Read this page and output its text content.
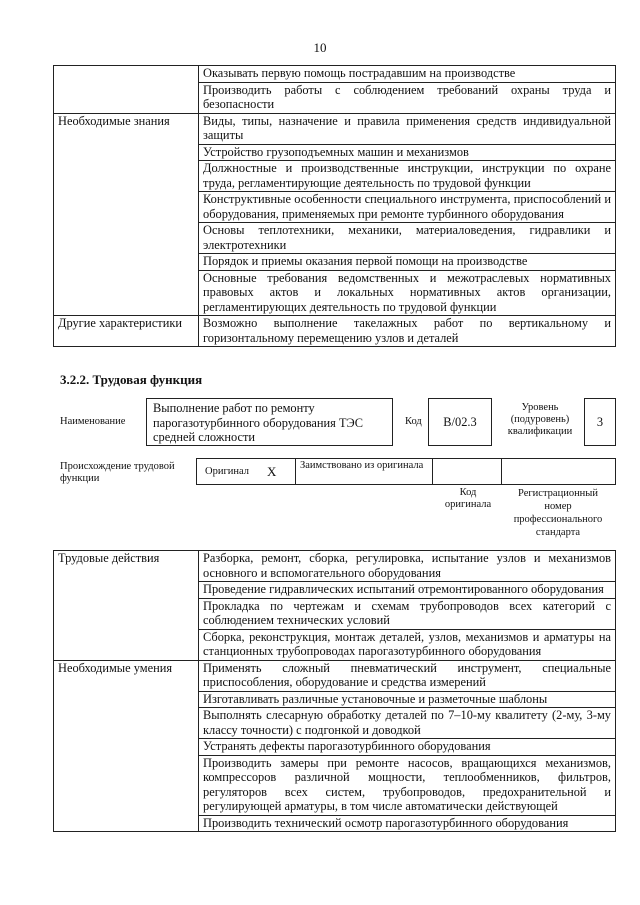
10
	Оказывать первую помощь пострадавшим на производстве
	Производить работы с соблюдением требований охраны труда и безопасности
Необходимые знания	Виды, типы, назначение и правила применения средств индивидуальной защиты
	Устройство грузоподъемных машин и механизмов
	Должностные и производственные инструкции, инструкции по охране труда, регламентирующие деятельность по трудовой функции
	Конструктивные особенности специального инструмента, приспособлений и оборудования, применяемых при ремонте турбинного оборудования
	Основы теплотехники, механики, материаловедения, гидравлики и электротехники
	Порядок и приемы оказания первой помощи на производстве
	Основные требования ведомственных и межотраслевых нормативных правовых актов и локальных нормативных актов организации, регламентирующих деятельность по трудовой функции
Другие характеристики	Возможно выполнение такелажных работ по вертикальному и горизонтальному перемещению узлов и деталей
3.2.2. Трудовая функция
Наименование
Выполнение работ по ремонту парогазотурбинного оборудования ТЭС средней сложности
Код	B/02.3
Уровень (подуровень) квалификации
3
Происхождение трудовой функции
Оригинал X Заимствовано из оригинала
Код оригинала
Регистрационный номер профессионального стандарта
Трудовые действия	Разборка, ремонт, сборка, регулировка, испытание узлов и механизмов основного и вспомогательного оборудования
	Проведение гидравлических испытаний отремонтированного оборудования
	Прокладка по чертежам и схемам трубопроводов всех категорий с соблюдением технических условий
	Сборка, реконструкция, монтаж деталей, узлов, механизмов и арматуры на станционных трубопроводах парогазотурбинного оборудования
Необходимые умения	Применять сложный пневматический инструмент, специальные приспособления, оборудование и средства измерений
	Изготавливать различные установочные и разметочные шаблоны
	Выполнять слесарную обработку деталей по 7–10-му квалитету (2-му, 3-му классу точности) с подгонкой и доводкой
	Устранять дефекты парогазотурбинного оборудования
	Производить замеры при ремонте насосов, вращающихся механизмов, компрессоров различной мощности, теплообменников, фильтров, регуляторов всех систем, трубопроводов, предохранительной и регулирующей арматуры, в том числе автоматически действующей
	Производить технический осмотр парогазотурбинного оборудования
